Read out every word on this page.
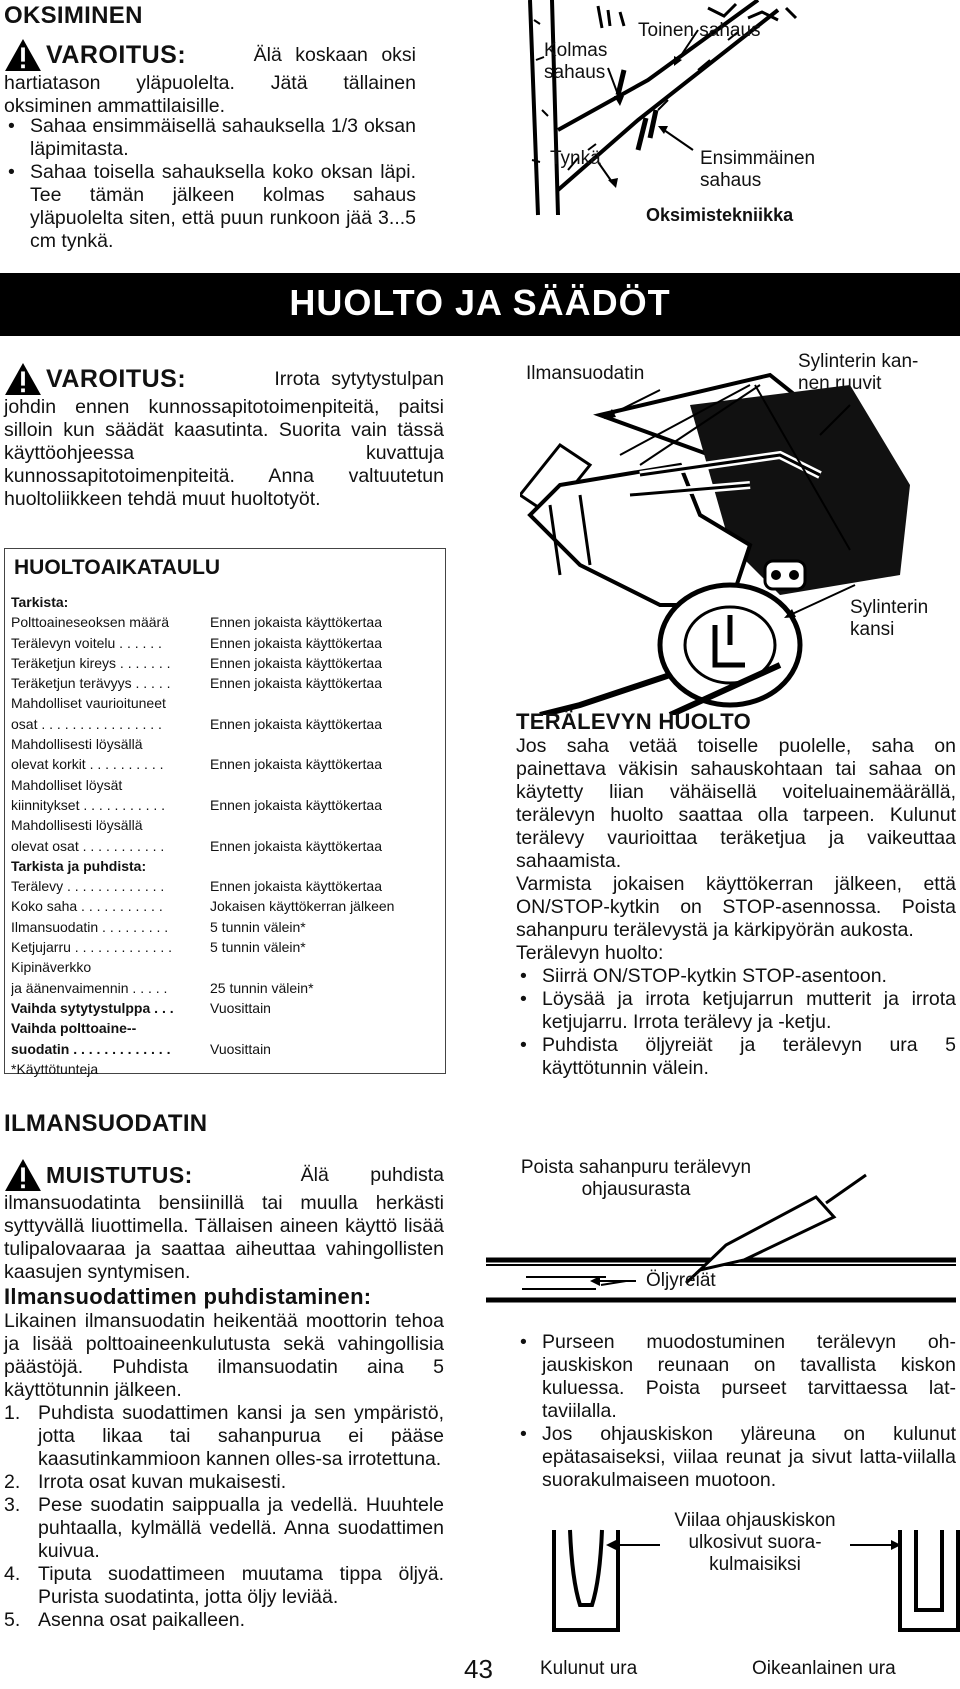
OKSIMINEN
VAROITUS:	Älä koskaan oksi
hartiatason yläpuolelta. Jätä tällainen oksiminen ammattilaisille.
• Sahaa ensimmäisellä sahauksella 1/3 oksan läpimitasta.
• Sahaa toisella sahauksella koko oksan läpi. Tee tämän jälkeen kolmas sahaus yläpuolelta siten, että puun runkoon jää 3...5 cm tynkä.
Kolmas sahaus
Toinen sahaus
Tynkä	Ensimmäinen sahaus
Oksimistekniikka
HUOLTO JA SÄÄDÖT
VAROITUS:	Irrota sytytystulpan
johdin ennen kunnossapitotoimenpiteitä, paitsi silloin kun säädät kaasutinta. Suorita vain tässä käyttöohjeessa kuvattuja kunnossapitotoimenpiteitä. Anna valtuutetun huoltoliikkeen tehdä muut huoltotyöt.
HUOLTOAIKATAULU
Tarkista:
Polttoaineseoksen määrä	Ennen jokaista käyttökertaa
Terälevyn voitelu . . . . . .	Ennen jokaista käyttökertaa
Teräketjun kireys . . . . . . .	Ennen jokaista käyttökertaa
Teräketjun terävyys . . . . .	Ennen jokaista käyttökertaa
Mahdolliset vaurioituneet
osat . . . . . . . . . . . . . . . .	Ennen jokaista käyttökertaa
Mahdollisesti löysällä
olevat korkit . . . . . . . . . .	Ennen jokaista käyttökertaa
Mahdolliset löysät
kiinnitykset . . . . . . . . . . .	Ennen jokaista käyttökertaa
Mahdollisesti löysällä
olevat osat . . . . . . . . . . .	Ennen jokaista käyttökertaa
Tarkista ja puhdista:
Terälevy . . . . . . . . . . . . .	Ennen jokaista käyttökertaa
Koko saha . . . . . . . . . . .	Jokaisen käyttökerran jälkeen
Ilmansuodatin . . . . . . . . .	5 tunnin välein*
Ketjujarru . . . . . . . . . . . . .	5 tunnin välein*
Kipinäverkko
ja äänenvaimennin . . . . .	25 tunnin välein*
Vaihda sytytystulppa . . .	Vuosittain
Vaihda polttoaine--
suodatin . . . . . . . . . . . . .	Vuosittain
*Käyttötunteja
ILMANSUODATIN
MUISTUTUS:	Älä puhdista
ilmansuodatinta bensiinillä tai muulla herkästi syttyvällä liuottimella. Tällaisen aineen käyttö lisää tulipalovaaraa ja saattaa aiheuttaa vahingollisten kaasujen syntymisen.
Ilmansuodattimen puhdistaminen:
Likainen ilmansuodatin heikentää moottorin tehoa ja lisää polttoaineenkulutusta sekä vahingollisia päästöjä. Puhdista ilmansuodatin aina 5 käyttötunnin jälkeen.
1. Puhdista suodattimen kansi ja sen ympäristö, jotta likaa tai sahanpurua ei pääse kaasutinkammioon kannen olles-sa irrotettuna.
2. Irrota osat kuvan mukaisesti.
3. Pese suodatin saippualla ja vedellä. Huuhtele puhtaalla, kylmällä vedellä. Anna suodattimen kuivua.
4. Tiputa suodattimeen muutama tippa öljyä. Purista suodatinta, jotta öljy leviää.
5. Asenna osat paikalleen.
Ilmansuodatin
Sylinterin kan-nen ruuvit
Sylinterin kansi
TERÄLEVYN HUOLTO
Jos saha vetää toiselle puolelle, saha on painettava väkisin sahauskohtaan tai sahaa on käytetty liian vähäisellä voiteluainemäärällä, terälevyn huolto saattaa olla tarpeen. Kulunut terälevy vaurioittaa teräketjua ja vaikeuttaa sahaamista.
Varmista jokaisen käyttökerran jälkeen, että ON/STOP-kytkin on STOP-asennossa. Poista sahanpuru terälevystä ja kärkipyörän aukosta.
Terälevyn huolto:
• Siirrä ON/STOP-kytkin STOP-asentoon.
• Löysää ja irrota ketjujarrun mutterit ja irrota ketjujarru. Irrota terälevy ja -ketju.
• Puhdista öljyreiät ja terälevyn ura 5 käyttötunnin välein.
Poista sahanpuru terälevyn ohjausurasta
Öljyreiät
• Purseen muodostuminen terälevyn oh-jauskiskon reunaan on tavallista kiskon kuluessa. Poista purseet tarvittaessa lat-taviilalla.
• Jos ohjauskiskon yläreuna on kulunut epätasaiseksi, viilaa reunat ja sivut latta-viilalla suorakulmaiseen muotoon.
Viilaa ohjauskiskon ulkosivut suora-kulmaisiksi
Kulunut ura	Oikeanlainen ura
43
